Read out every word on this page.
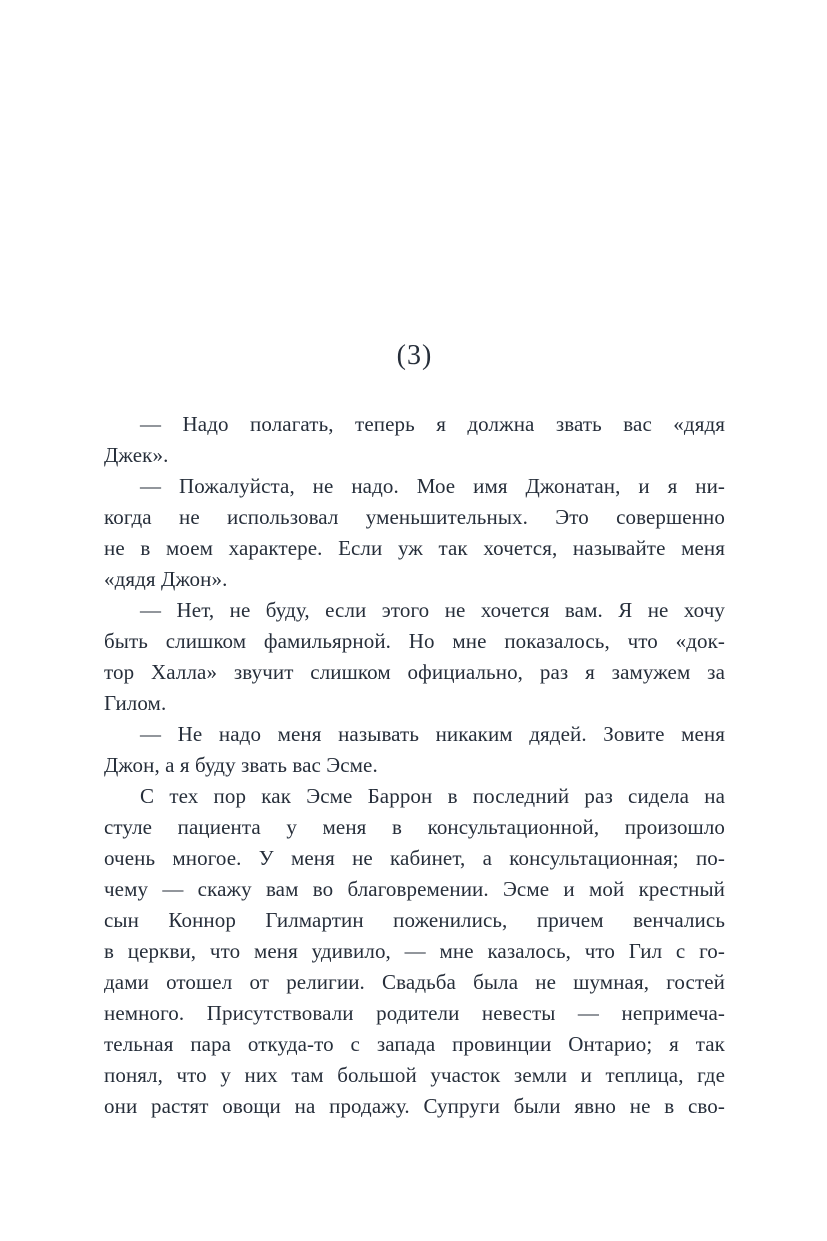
(3)
— Надо полагать, теперь я должна звать вас «дядя
Джек».
— Пожалуйста, не надо. Мое имя Джонатан, и я ни-
когда не использовал уменьшительных. Это совершенно
не в моем характере. Если уж так хочется, называйте меня
«дядя Джон».
— Нет, не буду, если этого не хочется вам. Я не хочу
быть слишком фамильярной. Но мне показалось, что «док-
тор Халла» звучит слишком официально, раз я замужем за
Гилом.
— Не надо меня называть никаким дядей. Зовите меня
Джон, а я буду звать вас Эсме.
С тех пор как Эсме Баррон в последний раз сидела на
стуле пациента у меня в консультационной, произошло
очень многое. У меня не кабинет, а консультационная; по-
чему — скажу вам во благовремении. Эсме и мой крестный
сын Коннор Гилмартин поженились, причем венчались
в церкви, что меня удивило, — мне казалось, что Гил с го-
дами отошел от религии. Свадьба была не шумная, гостей
немного. Присутствовали родители невесты — непримеча-
тельная пара откуда-то с запада провинции Онтарио; я так
понял, что у них там большой участок земли и теплица, где
они растят овощи на продажу. Супруги были явно не в сво-
